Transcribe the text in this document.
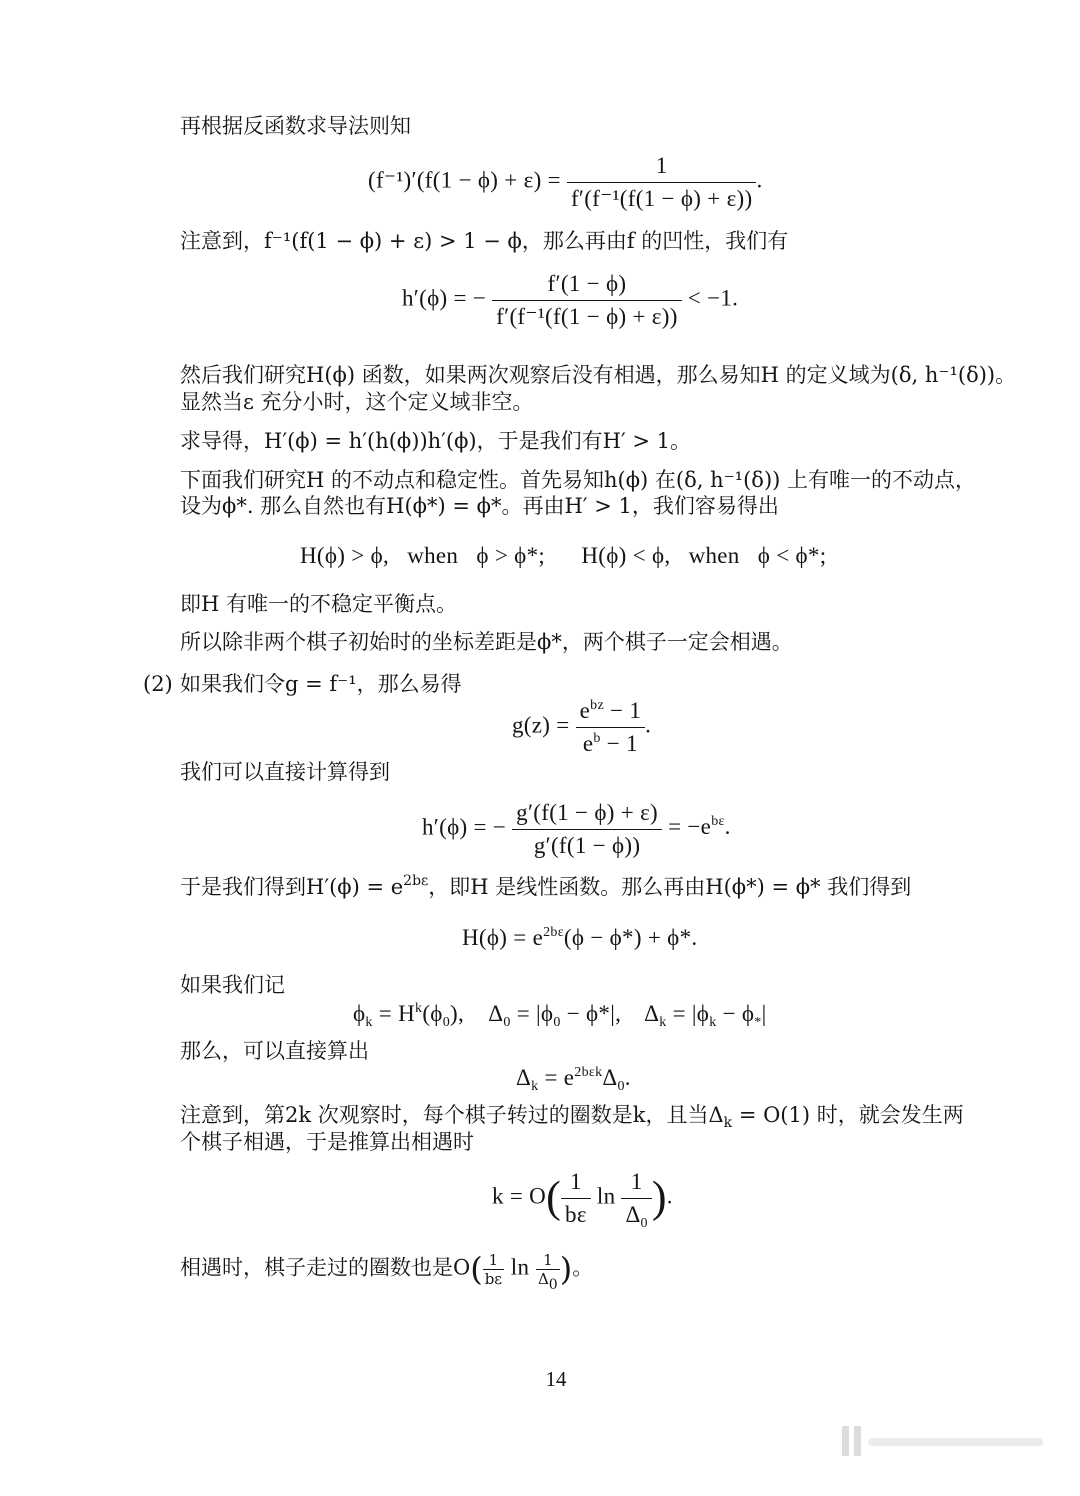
再根据反函数求导法则知
$(f^{-1})'(f(1 - \phi) + \varepsilon) = \frac{1}{\text{f′(f⁻¹(f(1 − ϕ) + ε))}}$ .
注意到，f⁻¹(f(1 − ϕ) + ε) > 1 − ϕ，那么再由f 的凹性，我们有
h′(ϕ) = − $\frac{f'(1 - \phi)}{\text{f′(f⁻¹(f(1 − ϕ) + ε))}} < -1$.
然后我们研究H(ϕ) 函数，如果两次观察后没有相遇，那么易知H 的定义域为(δ, h⁻¹(δ))。
显然当ε 充分小时，这个定义域非空。
求导得，H′(ϕ) = h′(h(ϕ))h′(ϕ)，于是我们有H′ > 1。
下面我们研究H 的不动点和稳定性。首先易知h(ϕ) 在(δ, h⁻¹(δ)) 上有唯一的不动点，
设为ϕ*. 那么自然也有H(ϕ*) = ϕ*。再由H′ > 1，我们容易得出
H(ϕ) > ϕ,   when   ϕ > ϕ*;      H(ϕ) < ϕ,   when   ϕ < ϕ*;
即H 有唯一的不稳定平衡点。
所以除非两个棋子初始时的坐标差距是ϕ*，两个棋子一定会相遇。
(2) 如果我们令g = f⁻¹，那么易得
$g(z) = \frac{e^{bz} - 1}{e^b - 1}$ .
我们可以直接计算得到
h′(ϕ) = − $\frac{g'(f(1 - \phi) + \varepsilon)}{g'(f(1 - \phi))} = -e^{b\varepsilon}$.
于是我们得到$H'(\phi) = e^{2b\varepsilon}$，即H 是线性函数。那么再由H(ϕ*) = ϕ* 我们得到
$H(\phi) = e^{2b\varepsilon}(\phi - \phi*) + \phi*$.
如果我们记
$\phi_k = H^k(\phi_0)$,    $\Delta_0 = |\phi_0 - \phi*|$,    $\Delta_k = |\phi_k - \phi_*|$
那么，可以直接算出
$\Delta_k = e^{2b\varepsilon k}\Delta_0$.
注意到，第2k 次观察时，每个棋子转过的圈数是k，且当$\Delta_k = O(1)$ 时，就会发生两
个棋子相遇，于是推算出相遇时
$k = O( \frac{1}{b\varepsilon}$ $\ln \frac{1}{\Delta_0}$ ).
相遇时，棋子走过的圈数也是$O( \frac{1}{b\varepsilon}$ $\ln \frac{1}{\Delta_0}$ )。
14
